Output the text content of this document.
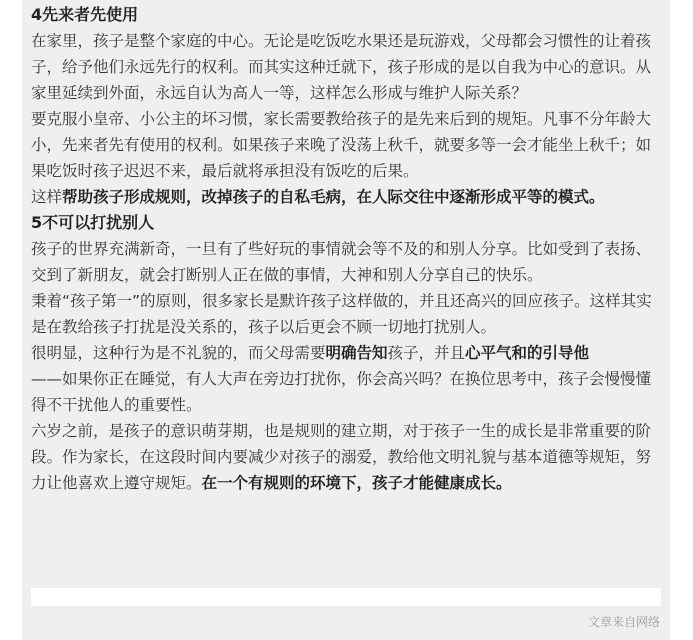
4先来者先使用

在家里，孩子是整个家庭的中心。无论是吃饭吃水果还是玩游戏，父母都会习惯性的让着孩子，给予他们永远先行的权利。而其实这种迁就下，孩子形成的是以自我为中心的意识。从家里延续到外面，永远自认为高人一等，这样怎么形成与维护人际关系？

要克服小皇帝、小公主的坏习惯，家长需要教给孩子的是先来后到的规矩。凡事不分年龄大小，先来者先有使用的权利。如果孩子来晚了没荡上秋千，就要多等一会才能坐上秋千；如果吃饭时孩子迟迟不来，最后就将承担没有饭吃的后果。

这样帮助孩子形成规则，改掉孩子的自私毛病，在人际交往中逐渐形成平等的模式。

5不可以打扰别人

孩子的世界充满新奇，一旦有了些好玩的事情就会等不及的和别人分享。比如受到了表扬、交到了新朋友，就会打断别人正在做的事情，大神和别人分享自己的快乐。

秉着“孩子第一”的原则，很多家长是默许孩子这样做的，并且还高兴的回应孩子。这样其实是在教给孩子打扰是没关系的，孩子以后更会不顾一切地打扰别人。

很明显，这种行为是不礼貌的，而父母需要明确告知孩子，并且心平气和的引导他
——如果你正在睡觉，有人大声在旁边打扰你，你会高兴吗？在换位思考中，孩子会慢慢懂得不干扰他人的重要性。

六岁之前，是孩子的意识萌芽期，也是规则的建立期，对于孩子一生的成长是非常重要的阶段。作为家长，在这段时间内要减少对孩子的溺爱，教给他文明礼貌与基本道德等规矩，努力让他喜欢上遵守规矩。在一个有规则的环境下，孩子才能健康成长。

文章来自网络
